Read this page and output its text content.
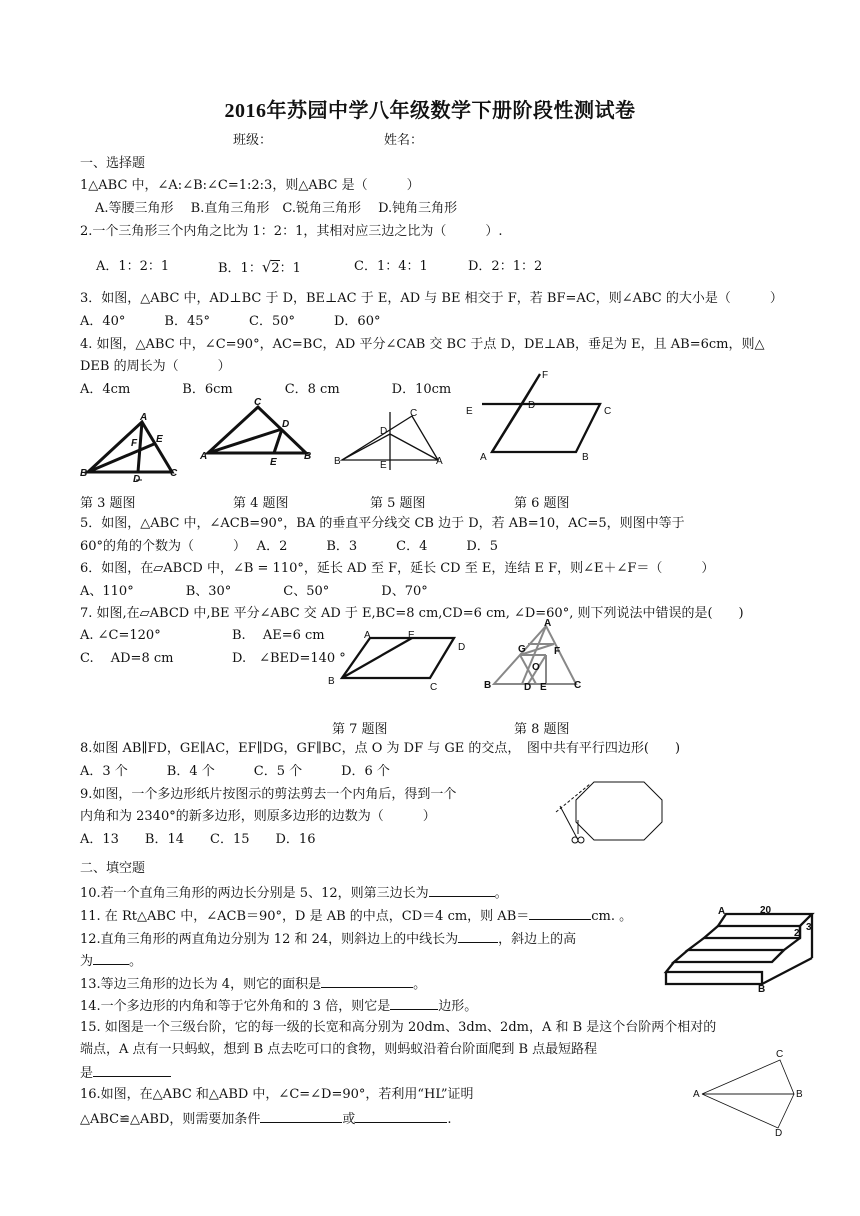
2016年苏园中学八年级数学下册阶段性测试卷
班级：	姓名：
一、选择题
1△ABC 中，∠A:∠B:∠C=1:2:3，则△ABC 是（　　　）
A.等腰三角形　 B.直角三角形　C.锐角三角形　 D.钝角三角形
2.一个三角形三个内角之比为 1：2：1，其相对应三边之比为（　　　）.
A．1：2：1	B．1：√2：1	C．1：4：1	D．2：1：2
3．如图，△ABC 中，AD⊥BC 于 D，BE⊥AC 于 E，AD 与 BE 相交于 F，若 BF=AC，则∠ABC 的大小是（　　　）
A．40°　　　B．45°　　　C．50°　　　D．60°
4. 如图，△ABC 中，∠C=90°，AC=BC，AD 平分∠CAB 交 BC 于点 D，DE⊥AB，垂足为 E，且 AB=6cm，则△
DEB 的周长为（　　　）
A．4cm　　　　B．6cm　　　　C．8 cm　　　　D．10cm
A
B	C
D
E
F
C
A	B
D
E
C
B	A
D
E
F
D
E	C
A	B
第 3 题图	第 4 题图	第 5 题图	第 6 题图
5．如图，△ABC 中，∠ACB=90°，BA 的垂直平分线交 CB 边于 D，若 AB=10，AC=5，则图中等于
60°的角的个数为（　　　）　 A．2　　　B．3　　　C．4　　　D．5
6．如图，在▱ABCD 中，∠B = 110°，延长 AD 至 F，延长 CD 至 E，连结 E F，则∠E＋∠F＝（　　　）
A、110°　　　　B、30°　　　　C、50°　　　　D、70°
7. 如图,在▱ABCD 中,BE 平分∠ABC 交 AD 于 E,BC=8 cm,CD=6 cm, ∠D=60°, 则下列说法中错误的是(　　)
A. ∠C=120°	B.　 AE=6 cm
C.　 AD=8 cm	D.　∠BED=140 °
A	E
D
B
C
A
B	C
G	F
O
D E
第 7 题图	第 8 题图
8.如图 AB∥FD，GE∥AC，EF∥DG，GF∥BC，点 O 为 DF 与 GE 的交点，　图中共有平行四边形(　　)
A．3 个　　　B．4 个　　　C．5 个　　　D．6 个
9.如图，一个多边形纸片按图示的剪法剪去一个内角后，得到一个
内角和为 2340°的新多边形，则原多边形的边数为（　　　）
A．13　　B．14　　C．15　　D．16
二、填空题
10.若一个直角三角形的两边长分别是 5、12，则第三边长为	。
11. 在 Rt△ABC 中，∠ACB＝90°，D 是 AB 的中点，CD＝4 cm，则 AB＝	cm. 。
12.直角三角形的两直角边分别为 12 和 24，则斜边上的中线长为	，斜边上的高
为	。
13.等边三角形的边长为 4，则它的面积是	。
14.一个多边形的内角和等于它外角和的 3 倍，则它是	边形。
A	20
2
3
B
15. 如图是一个三级台阶，它的每一级的长宽和高分别为 20dm、3dm、2dm，A 和 B 是这个台阶两个相对的
端点，A 点有一只蚂蚁，想到 B 点去吃可口的食物，则蚂蚁沿着台阶面爬到 B 点最短路程
是
16.如图，在△ABC 和△ABD 中，∠C=∠D=90°，若利用“HL”证明
△ABC≌△ABD，则需要加条件	或	.
C
A	B
D
